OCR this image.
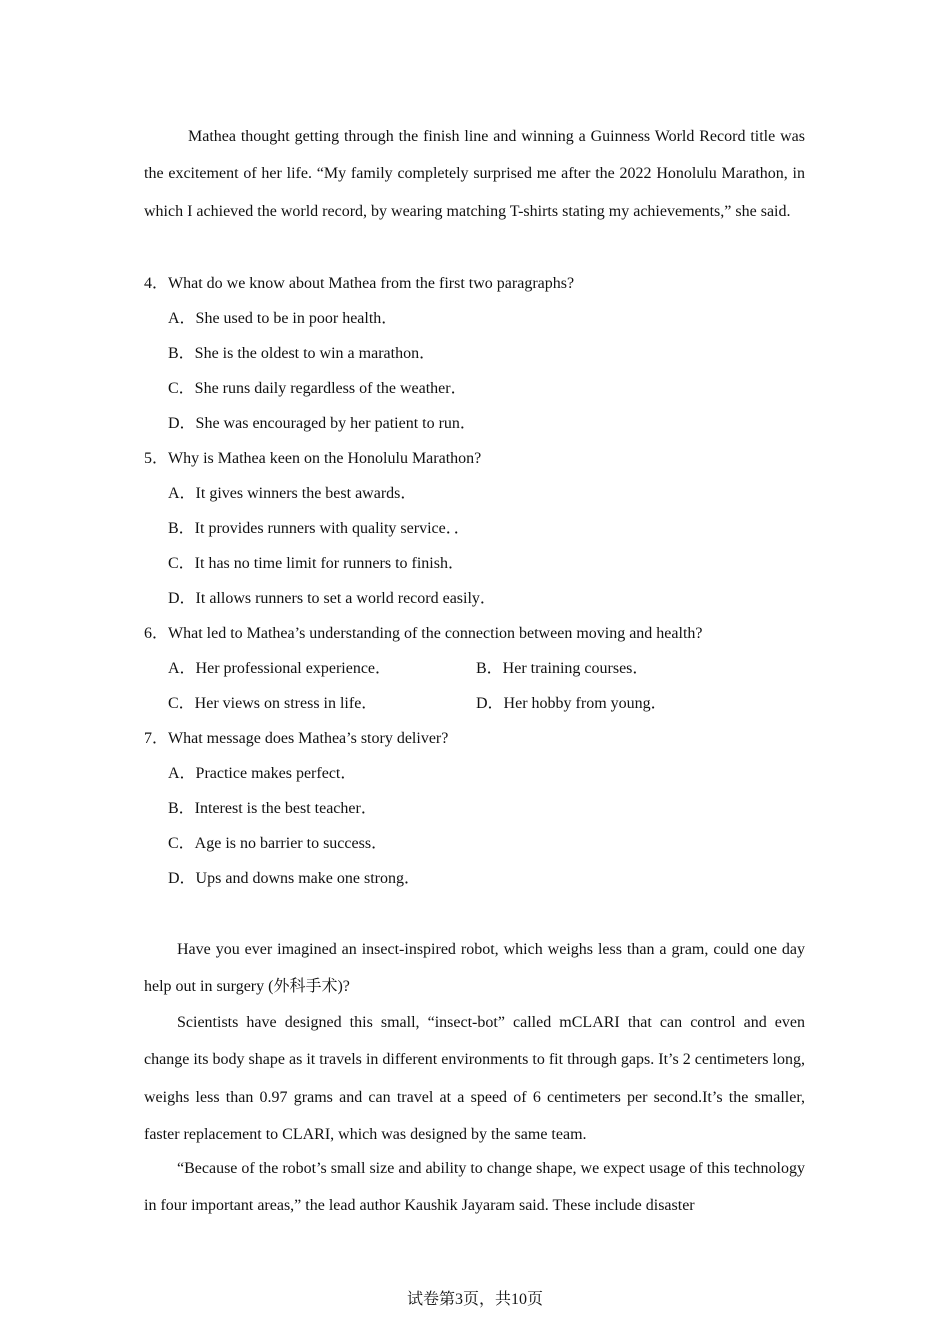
Mathea thought getting through the finish line and winning a Guinness World Record title was the excitement of her life. “My family completely surprised me after the 2022 Honolulu Marathon, in which I achieved the world record, by wearing matching T-shirts stating my achievements,” she said.

4．What do we know about Mathea from the first two paragraphs?

A．She used to be in poor health．

B．She is the oldest to win a marathon．

C．She runs daily regardless of the weather．

D．She was encouraged by her patient to run．

5．Why is Mathea keen on the Honolulu Marathon?

A．It gives winners the best awards．

B．It provides runners with quality service．．

C．It has no time limit for runners to finish．

D．It allows runners to set a world record easily．

6．What led to Mathea’s understanding of the connection between moving and health?

A．Her professional experience．	B．Her training courses．

C．Her views on stress in life．	D．Her hobby from young．

7．What message does Mathea’s story deliver?

A．Practice makes perfect．

B．Interest is the best teacher．

C．Age is no barrier to success．

D．Ups and downs make one strong．

Have you ever imagined an insect-inspired robot, which weighs less than a gram, could one day help out in surgery (外科手术)?

Scientists have designed this small, “insect-bot” called mCLARI that can control and even change its body shape as it travels in different environments to fit through gaps. It’s 2 centimeters long, weighs less than 0.97 grams and can travel at a speed of 6 centimeters per second.It’s the smaller, faster replacement to CLARI, which was designed by the same team.

“Because of the robot’s small size and ability to change shape, we expect usage of this technology in four important areas,” the lead author Kaushik Jayaram said. These include disaster

试卷第3页，共10页
